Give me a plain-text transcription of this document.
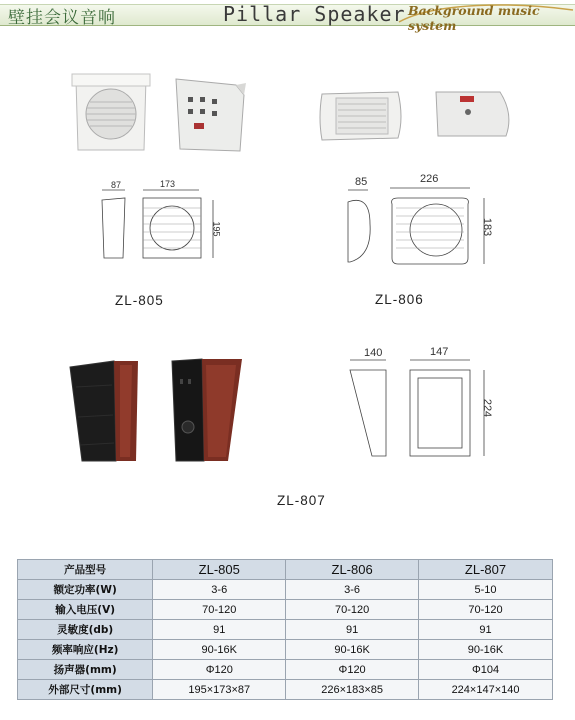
壁挂会议音响	Pillar Speaker Background music system
87	173
195
ZL-805
85	226
183
ZL-806
140	147
224
ZL-807
产品型号	ZL-805	ZL-806	ZL-807
额定功率(W)	3-6	3-6	5-10
输入电压(V)	70-120	70-120	70-120
灵敏度(db)	91	91	91
频率响应(Hz)	90-16K	90-16K	90-16K
扬声器(mm)	Φ120	Φ120	Φ104
外部尺寸(mm)	195×173×87	226×183×85	224×147×140
